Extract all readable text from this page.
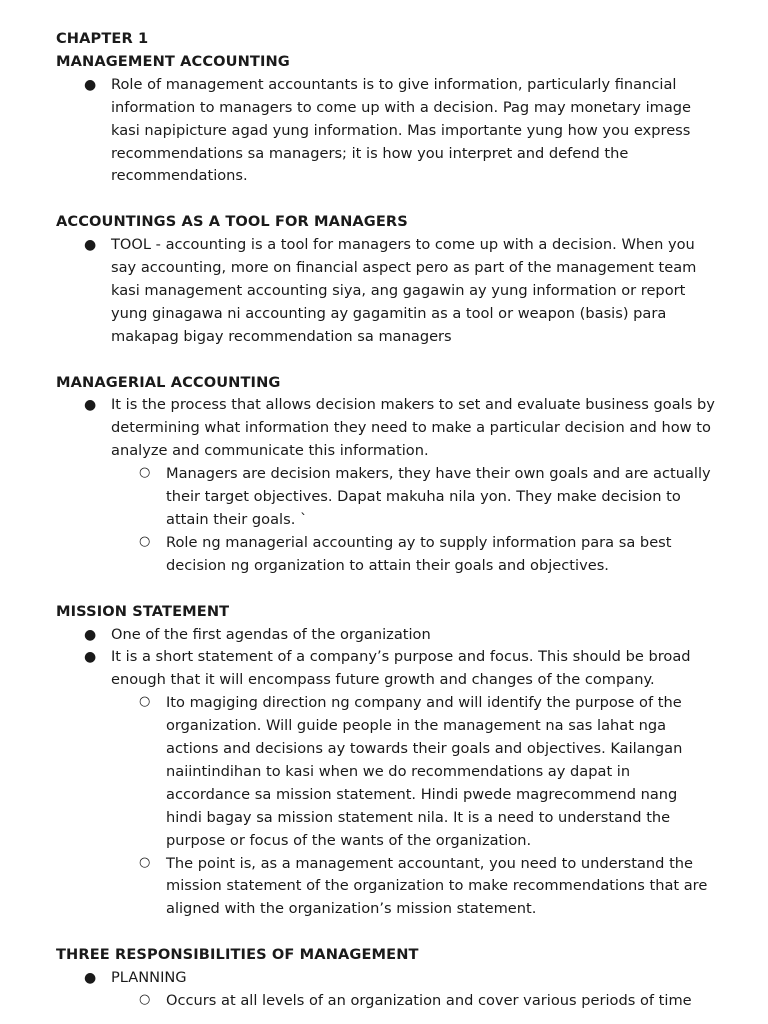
CHAPTER 1
MANAGEMENT ACCOUNTING
● Role of management accountants is to give information, particularly financial information to managers to come up with a decision. Pag may monetary image kasi napipicture agad yung information. Mas importante yung how you express recommendations sa managers; it is how you interpret and defend the recommendations.
ACCOUNTINGS AS A TOOL FOR MANAGERS
● TOOL - accounting is a tool for managers to come up with a decision. When you say accounting, more on financial aspect pero as part of the management team kasi management accounting siya, ang gagawin ay yung information or report yung ginagawa ni accounting ay gagamitin as a tool or weapon (basis) para makapag bigay recommendation sa managers
MANAGERIAL ACCOUNTING
● It is the process that allows decision makers to set and evaluate business goals by determining what information they need to make a particular decision and how to analyze and communicate this information.
○ Managers are decision makers, they have their own goals and are actually their target objectives. Dapat makuha nila yon. They make decision to attain their goals. `
○ Role ng managerial accounting ay to supply information para sa best decision ng organization to attain their goals and objectives.
MISSION STATEMENT
● One of the first agendas of the organization
● It is a short statement of a company’s purpose and focus. This should be broad enough that it will encompass future growth and changes of the company.
○ Ito magiging direction ng company and will identify the purpose of the organization. Will guide people in the management na sas lahat nga actions and decisions ay towards their goals and objectives. Kailangan naiintindihan to kasi when we do recommendations ay dapat in accordance sa mission statement. Hindi pwede magrecommend nang hindi bagay sa mission statement nila. It is a need to understand the purpose or focus of the wants of the organization.
○ The point is, as a management accountant, you need to understand the mission statement of the organization to make recommendations that are aligned with the organization’s mission statement.
THREE RESPONSIBILITIES OF MANAGEMENT
● PLANNING
○ Occurs at all levels of an organization and cover various periods of time
